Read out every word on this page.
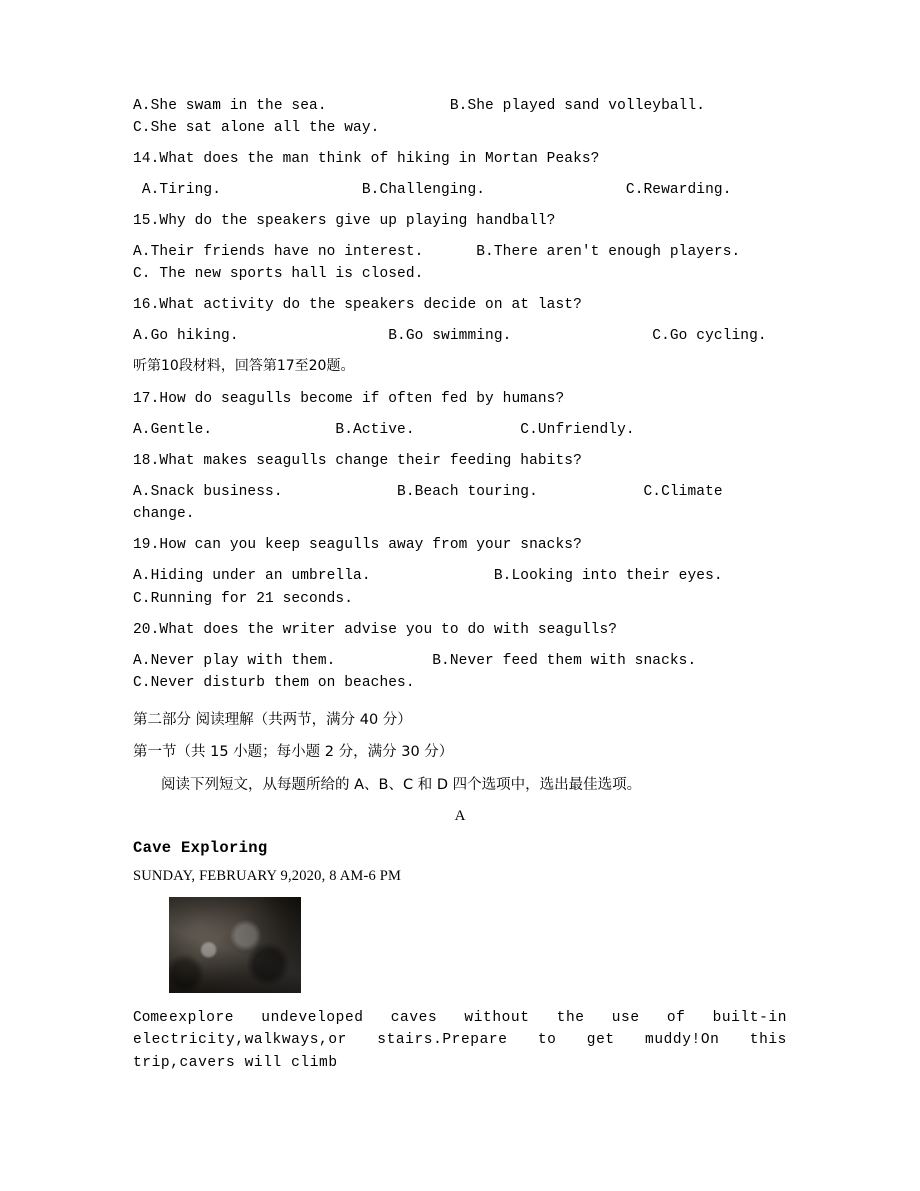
A.She swam in the sea.              B.She played sand volleyball.              C.She sat alone all the way.

14.What does the man think of hiking in Mortan Peaks?

A.Tiring.                B.Challenging.                C.Rewarding.

15.Why do the speakers give up playing handball?

A.Their friends have no interest.      B.There aren't enough players.     C. The new sports hall is closed.

16.What activity do the speakers decide on at last?

A.Go hiking.                 B.Go swimming.                C.Go cycling.

听第10段材料，回答第17至20题。

17.How do seagulls become if often fed by humans?

A.Gentle.              B.Active.            C.Unfriendly.

18.What makes seagulls change their feeding habits?

A.Snack business.             B.Beach touring.            C.Climate change.

19.How can you keep seagulls away from your snacks?

A.Hiding under an umbrella.              B.Looking into their eyes. C.Running for 21 seconds.

20.What does the writer advise you to do with seagulls?

A.Never play with them.           B.Never feed them with snacks.        C.Never disturb them on beaches.

第二部分 阅读理解（共两节，满分 40 分）

第一节（共 15 小题；每小题 2 分，满分 30 分）

阅读下列短文，从每题所给的 A、B、C 和 D 四个选项中，选出最佳选项。

A

Cave Exploring

SUNDAY, FEBRUARY 9,2020, 8 AM-6 PM

Comeexplore undeveloped caves without the use of built-in electricity,walkways,or stairs.Prepare to get muddy!On this trip,cavers will climb
